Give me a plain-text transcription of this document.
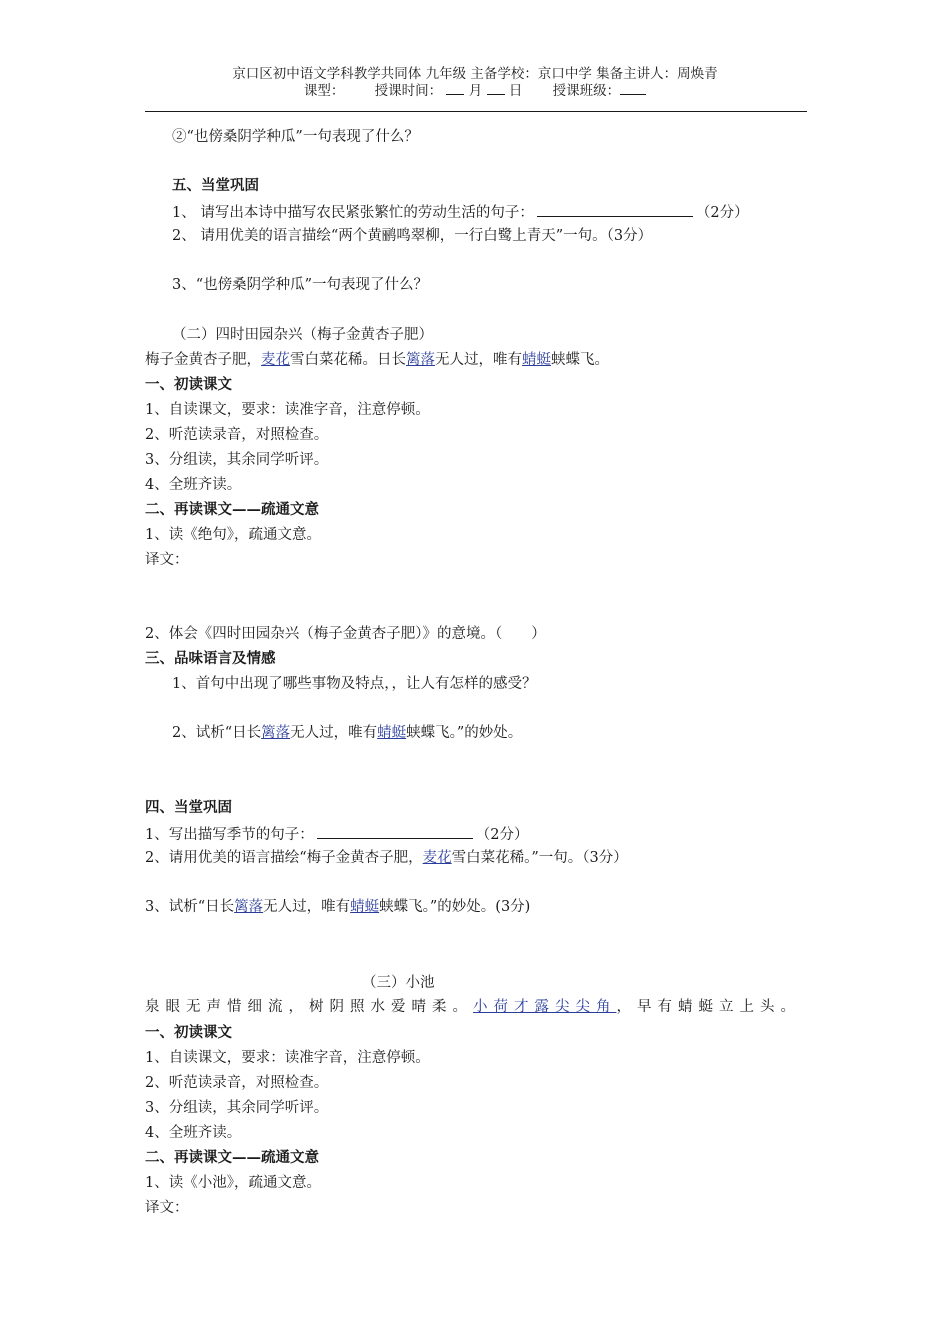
京口区初中语文学科教学共同体 九年级 主备学校：京口中学 集备主讲人：周焕青
课型： 授课时间： 月 日 授课班级：
②“也傍桑阴学种瓜”一句表现了什么？
五、当堂巩固
1、 请写出本诗中描写农民紧张繁忙的劳动生活的句子：	（2分）
2、 请用优美的语言描绘“两个黄鹂鸣翠柳，一行白鹭上青天”一句。（3分）
3、“也傍桑阴学种瓜”一句表现了什么？
（二）四时田园杂兴（梅子金黄杏子肥）
梅子金黄杏子肥，麦花雪白菜花稀。日长篱落无人过，唯有蜻蜓蛱蝶飞。
一、初读课文
1、自读课文，要求：读准字音，注意停顿。
2、听范读录音，对照检查。
3、分组读，其余同学听评。
4、全班齐读。
二、再读课文——疏通文意
1、读《绝句》，疏通文意。
译文：
2、体会《四时田园杂兴（梅子金黄杏子肥）》的意境。（　　）
三、品味语言及情感
1、首句中出现了哪些事物及特点，，让人有怎样的感受？
2、试析“日长篱落无人过，唯有蜻蜓蛱蝶飞。”的妙处。
四、当堂巩固
1、写出描写季节的句子：	（2分）
2、请用优美的语言描绘“梅子金黄杏子肥，麦花雪白菜花稀。”一句。（3分）
3、试析“日长篱落无人过，唯有蜻蜓蛱蝶飞。”的妙处。(3分)
（三）小池
泉眼无声惜细流，树阴照水爱晴柔。小荷才露尖尖角，早有蜻蜓立上头。
一、初读课文
1、自读课文，要求：读准字音，注意停顿。
2、听范读录音，对照检查。
3、分组读，其余同学听评。
4、全班齐读。
二、再读课文——疏通文意
1、读《小池》，疏通文意。
译文：
